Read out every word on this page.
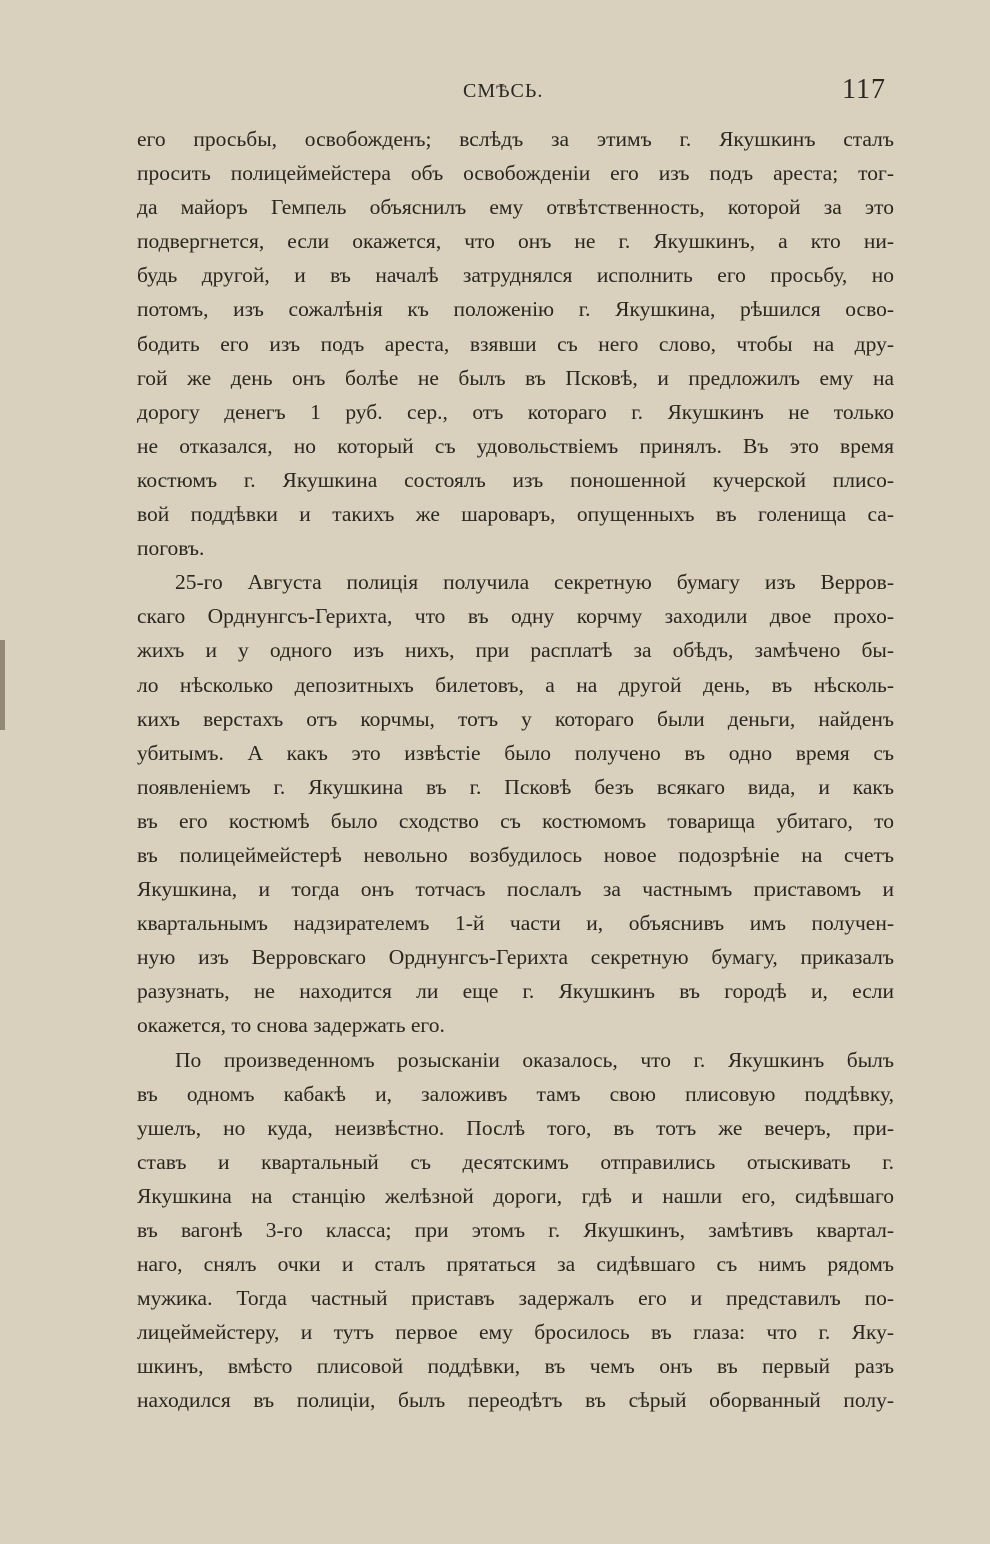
СМѢСЬ.	117
его просьбы, освобожденъ; вслѣдъ за этимъ г. Якушкинъ сталъ
просить полицеймейстера объ освобожденіи его изъ подъ ареста; тог-
да майоръ Гемпель объяснилъ ему отвѣтственность, которой за это
подвергнется, если окажется, что онъ не г. Якушкинъ, а кто ни-
будь другой, и въ началѣ затруднялся исполнить его просьбу, но
потомъ, изъ сожалѣнія къ положенію г. Якушкина, рѣшился осво-
бодить его изъ подъ ареста, взявши съ него слово, чтобы на дру-
гой же день онъ болѣе не былъ въ Псковѣ, и предложилъ ему на
дорогу денегъ 1 руб. сер., отъ котораго г. Якушкинъ не только
не отказался, но который съ удовольствіемъ принялъ. Въ это время
костюмъ г. Якушкина состоялъ изъ поношенной кучерской плисо-
вой поддѣвки и такихъ же шароваръ, опущенныхъ въ голенища са-
поговъ.
25-го Августа полиція получила секретную бумагу изъ Верров-
скаго Орднунгсъ-Герихта, что въ одну корчму заходили двое прохо-
жихъ и у одного изъ нихъ, при расплатѣ за обѣдъ, замѣчено бы-
ло нѣсколько депозитныхъ билетовъ, а на другой день, въ нѣсколь-
кихъ верстахъ отъ корчмы, тотъ у котораго были деньги, найденъ
убитымъ. А какъ это извѣстіе было получено въ одно время съ
появленіемъ г. Якушкина въ г. Псковѣ безъ всякаго вида, и какъ
въ его костюмѣ было сходство съ костюмомъ товарища убитаго, то
въ полицеймейстерѣ невольно возбудилось новое подозрѣніе на счетъ
Якушкина, и тогда онъ тотчасъ послалъ за частнымъ приставомъ и
квартальнымъ надзирателемъ 1-й части и, объяснивъ имъ получен-
ную изъ Верровскаго Орднунгсъ-Герихта секретную бумагу, приказалъ
разузнать, не находится ли еще г. Якушкинъ въ городѣ и, если
окажется, то снова задержать его.
По произведенномъ розысканіи оказалось, что г. Якушкинъ былъ
въ одномъ кабакѣ и, заложивъ тамъ свою плисовую поддѣвку,
ушелъ, но куда, неизвѣстно. Послѣ того, въ тотъ же вечеръ, при-
ставъ и квартальный съ десятскимъ отправились отыскивать г.
Якушкина на станцію желѣзной дороги, гдѣ и нашли его, сидѣвшаго
въ вагонѣ 3-го класса; при этомъ г. Якушкинъ, замѣтивъ квартал-
наго, снялъ очки и сталъ прятаться за сидѣвшаго съ нимъ рядомъ
мужика. Тогда частный приставъ задержалъ его и представилъ по-
лицеймейстеру, и тутъ первое ему бросилось въ глаза: что г. Яку-
шкинъ, вмѣсто плисовой поддѣвки, въ чемъ онъ въ первый разъ
находился въ полиціи, былъ переодѣтъ въ сѣрый оборванный полу-
